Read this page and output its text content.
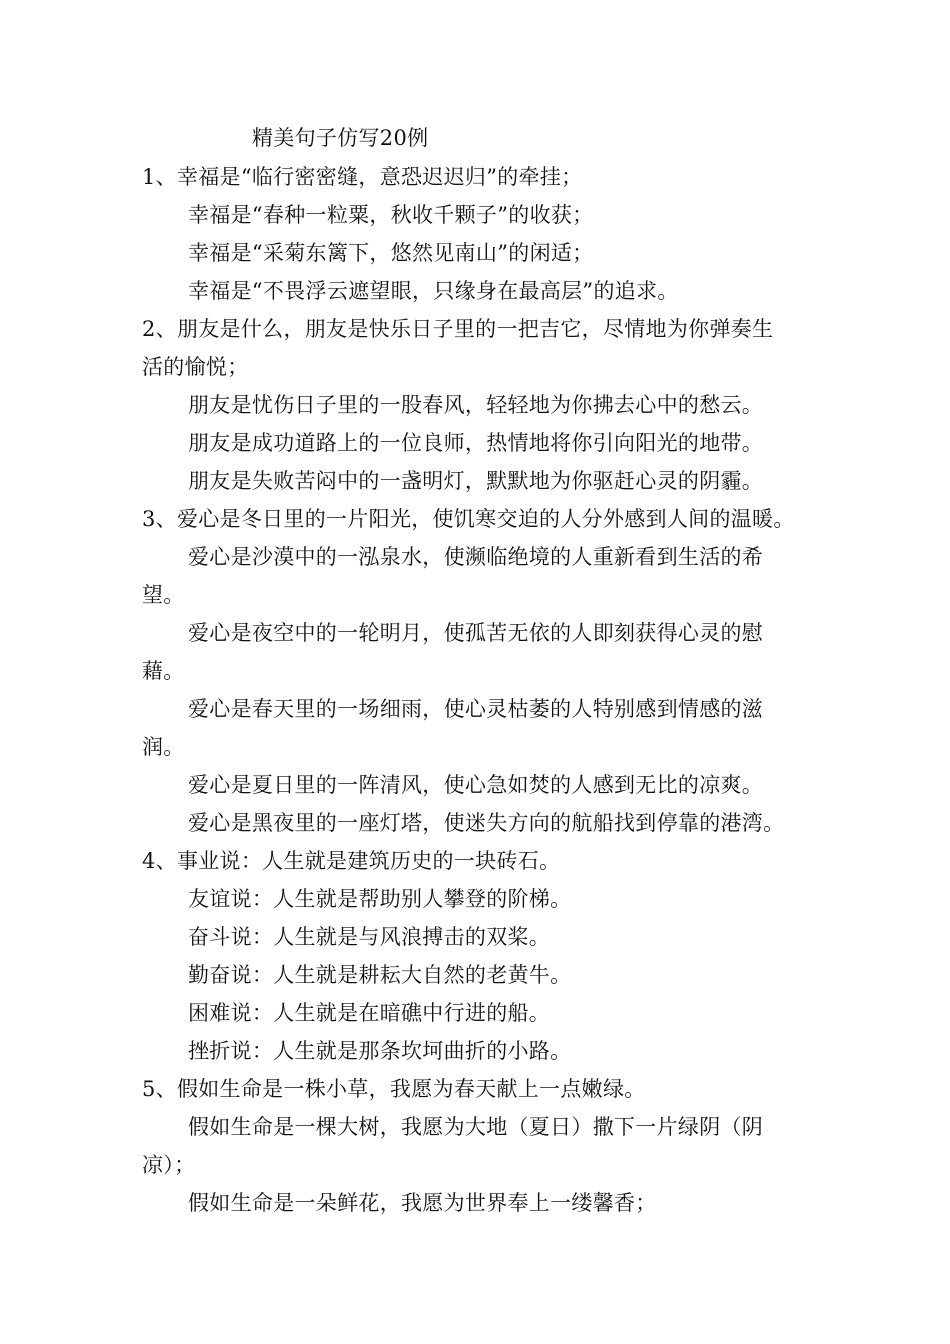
精美句子仿写20例
1、幸福是“临行密密缝，意恐迟迟归”的牵挂；
幸福是“春种一粒粟，秋收千颗子”的收获；
幸福是“采菊东篱下，悠然见南山”的闲适；
幸福是“不畏浮云遮望眼，只缘身在最高层”的追求。
2、朋友是什么，朋友是快乐日子里的一把吉它，尽情地为你弹奏生
活的愉悦；
朋友是忧伤日子里的一股春风，轻轻地为你拂去心中的愁云。
朋友是成功道路上的一位良师，热情地将你引向阳光的地带。
朋友是失败苦闷中的一盏明灯，默默地为你驱赶心灵的阴霾。
3、爱心是冬日里的一片阳光，使饥寒交迫的人分外感到人间的温暖。
爱心是沙漠中的一泓泉水，使濒临绝境的人重新看到生活的希
望。
爱心是夜空中的一轮明月，使孤苦无依的人即刻获得心灵的慰
藉。
爱心是春天里的一场细雨，使心灵枯萎的人特别感到情感的滋
润。
爱心是夏日里的一阵清风，使心急如焚的人感到无比的凉爽。
爱心是黑夜里的一座灯塔，使迷失方向的航船找到停靠的港湾。
4、事业说：人生就是建筑历史的一块砖石。
友谊说：人生就是帮助别人攀登的阶梯。
奋斗说：人生就是与风浪搏击的双桨。
勤奋说：人生就是耕耘大自然的老黄牛。
困难说：人生就是在暗礁中行进的船。
挫折说：人生就是那条坎坷曲折的小路。
5、假如生命是一株小草，我愿为春天献上一点嫩绿。
假如生命是一棵大树，我愿为大地（夏日）撒下一片绿阴（阴
凉）；
假如生命是一朵鲜花，我愿为世界奉上一缕馨香；
